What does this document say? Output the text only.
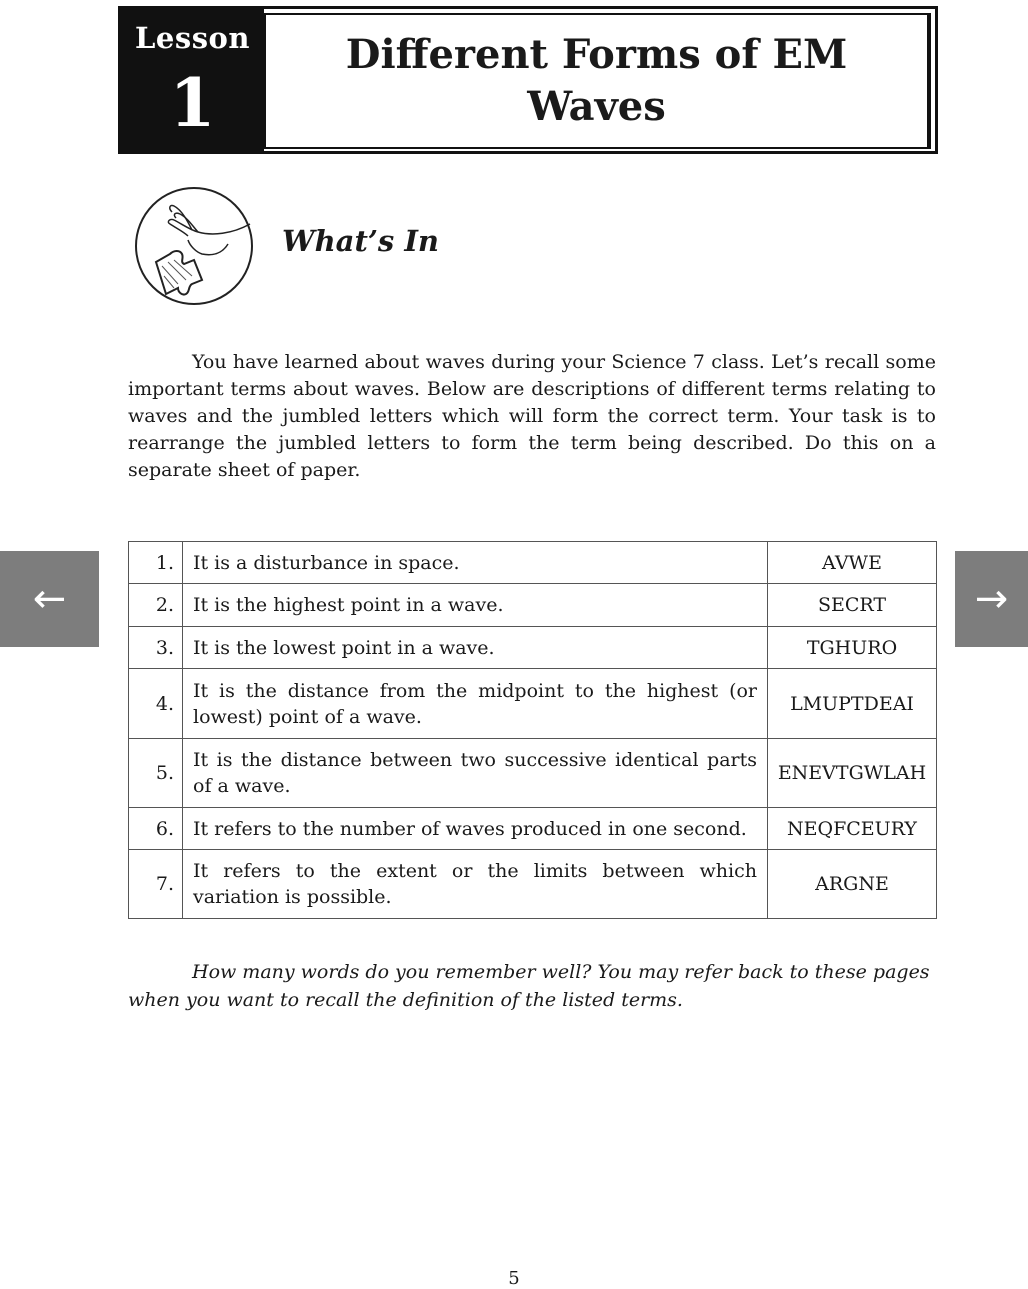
Lesson
1
Different Forms of EM Waves
What’s In

You have learned about waves during your Science 7 class. Let’s recall some important terms about waves. Below are descriptions of different terms relating to waves and the jumbled letters which will form the correct term. Your task is to rearrange the jumbled letters to form the term being described. Do this on a separate sheet of paper.

1.	It is a disturbance in space.	AVWE
2.	It is the highest point in a wave.	SECRT
3.	It is the lowest point in a wave.	TGHURO
4.	It is the distance from the midpoint to the highest (or lowest) point of a wave.	LMUPTDEAI
5.	It is the distance between two successive identical parts of a wave.	ENEVTGWLAH
6.	It refers to the number of waves produced in one second.	NEQFCEURY
7.	It refers to the extent or the limits between which variation is possible.	ARGNE

How many words do you remember well? You may refer back to these pages when you want to recall the definition of the listed terms.

5
←	→
